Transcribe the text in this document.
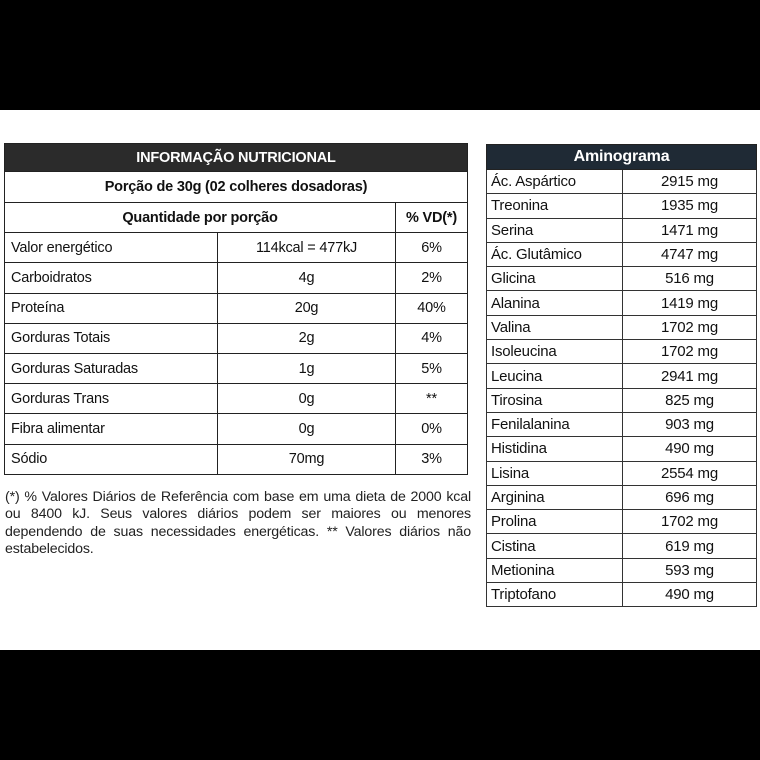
INFORMAÇÃO NUTRICIONAL		
Porção de 30g (02 colheres dosadoras)		
Quantidade por porção		% VD(*)
Valor energético	114kcal = 477kJ	6%
Carboidratos	4g	2%
Proteína	20g	40%
Gorduras Totais	2g	4%
Gorduras Saturadas	1g	5%
Gorduras Trans	0g	**
Fibra alimentar	0g	0%
Sódio	70mg	3%
(*) % Valores Diários de Referência com base em uma dieta de 2000 kcal ou 8400 kJ. Seus valores diários podem ser maiores ou menores dependendo de suas necessidades energéticas. ** Valores diários não estabelecidos.
Aminograma	
Ác. Aspártico	2915 mg
Treonina	1935 mg
Serina	1471 mg
Ác. Glutâmico	4747 mg
Glicina	516 mg
Alanina	1419 mg
Valina	1702 mg
Isoleucina	1702 mg
Leucina	2941 mg
Tirosina	825 mg
Fenilalanina	903 mg
Histidina	490 mg
Lisina	2554 mg
Arginina	696 mg
Prolina	1702 mg
Cistina	619 mg
Metionina	593 mg
Triptofano	490 mg
